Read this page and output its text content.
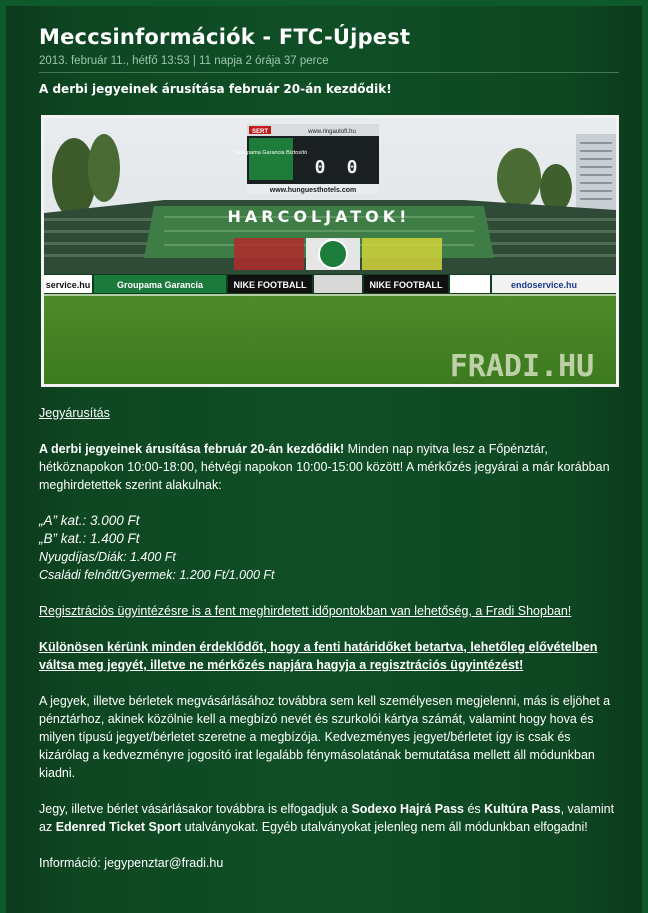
Meccsinformációk - FTC-Újpest
2013. február 11., hétfő 13:53 | 11 napja 2 órája 37 perce
A derbi jegyeinek árusítása február 20-án kezdődik!
SERT	www.ringautoft.hu
Groupama Garancia Biztosító
0 0
www.hunguesthotels.com
HARCOLJATOK!
service.hu	Groupama Garancia	NIKE FOOTBALL	NIKE FOOTBALL	endoservice.hu
FRADI.HU

Jegyárusítás

A derbi jegyeinek árusítása február 20-án kezdődik! Minden nap nyitva lesz a Főpénztár, hétköznapokon 10:00-18:00, hétvégi napokon 10:00-15:00 között! A mérkőzés jegyárai a már korábban meghirdetettek szerint alakulnak:

„A” kat.: 3.000 Ft

„B” kat.: 1.400 Ft

Nyugdíjas/Diák: 1.400 Ft

Családi felnőtt/Gyermek: 1.200 Ft/1.000 Ft

Regisztrációs ügyintézésre is a fent meghirdetett időpontokban van lehetőség, a Fradi Shopban!

Különösen kérünk minden érdeklődőt, hogy a fenti határidőket betartva, lehetőleg elővételben váltsa meg jegyét, illetve ne mérkőzés napjára hagyja a regisztrációs ügyintézést!

A jegyek, illetve bérletek megvásárlásához továbbra sem kell személyesen megjelenni, más is eljöhet a pénztárhoz, akinek közölnie kell a megbízó nevét és szurkolói kártya számát, valamint hogy hova és milyen típusú jegyet/bérletet szeretne a megbízója. Kedvezményes jegyet/bérletet így is csak és kizárólag a kedvezményre jogosító irat legalább fénymásolatának bemutatása mellett áll módunkban kiadni.

Jegy, illetve bérlet vásárlásakor továbbra is elfogadjuk a Sodexo Hajrá Pass és Kultúra Pass, valamint az Edenred Ticket Sport utalványokat. Egyéb utalványokat jelenleg nem áll módunkban elfogadni!

Információ: jegypenztar@fradi.hu
